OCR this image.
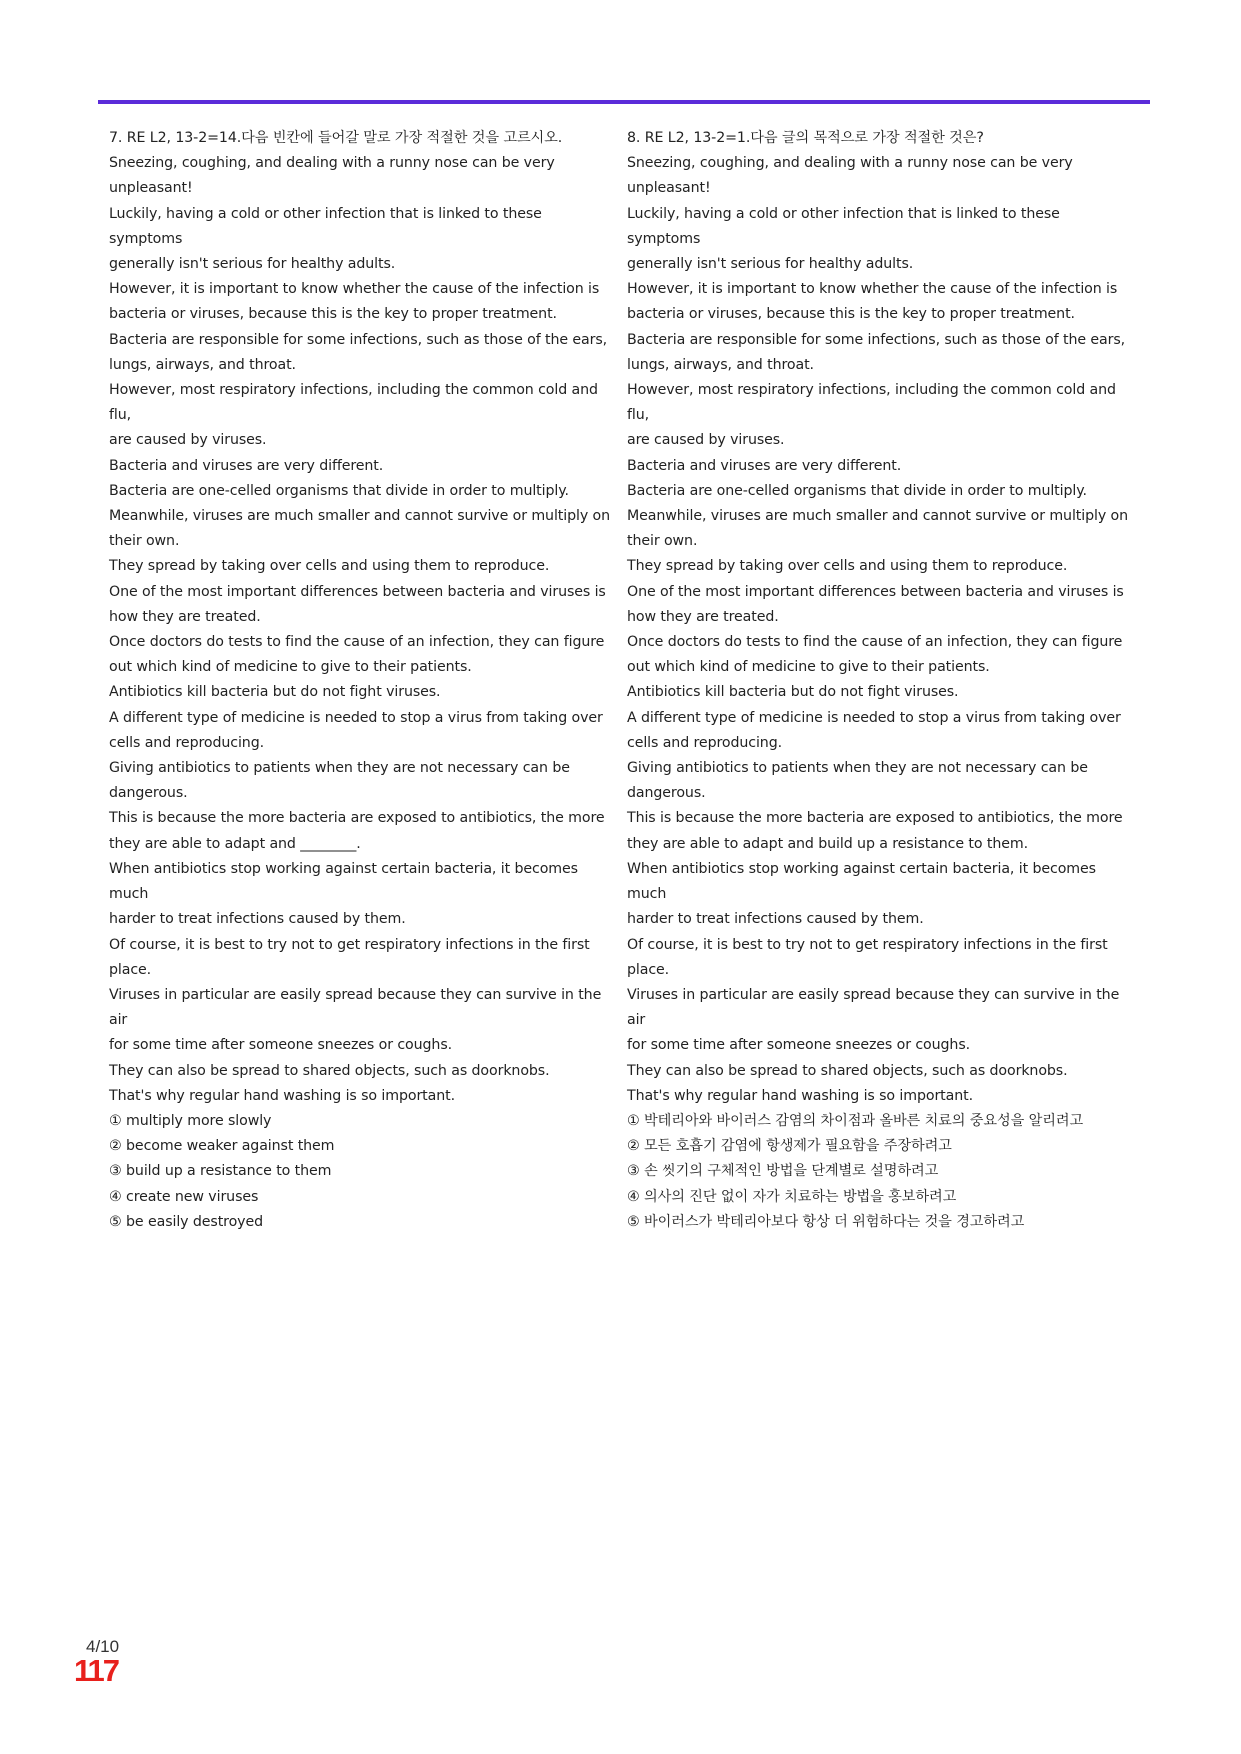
7. RE L2, 13-2=14.다음 빈칸에 들어갈 말로 가장 적절한 것을 고르시오.
Sneezing, coughing, and dealing with a runny nose can be very
unpleasant!
Luckily, having a cold or other infection that is linked to these symptoms
generally isn't serious for healthy adults.
However, it is important to know whether the cause of the infection is
bacteria or viruses, because this is the key to proper treatment.
Bacteria are responsible for some infections, such as those of the ears,
lungs, airways, and throat.
However, most respiratory infections, including the common cold and flu,
are caused by viruses.
Bacteria and viruses are very different.
Bacteria are one-celled organisms that divide in order to multiply.
Meanwhile, viruses are much smaller and cannot survive or multiply on
their own.
They spread by taking over cells and using them to reproduce.
One of the most important differences between bacteria and viruses is
how they are treated.
Once doctors do tests to find the cause of an infection, they can figure
out which kind of medicine to give to their patients.
Antibiotics kill bacteria but do not fight viruses.
A different type of medicine is needed to stop a virus from taking over
cells and reproducing.
Giving antibiotics to patients when they are not necessary can be
dangerous.
This is because the more bacteria are exposed to antibiotics, the more
they are able to adapt and ________.
When antibiotics stop working against certain bacteria, it becomes much
harder to treat infections caused by them.
Of course, it is best to try not to get respiratory infections in the first place.
Viruses in particular are easily spread because they can survive in the air
for some time after someone sneezes or coughs.
They can also be spread to shared objects, such as doorknobs.
That's why regular hand washing is so important.
① multiply more slowly
② become weaker against them
③ build up a resistance to them
④ create new viruses
⑤ be easily destroyed
8. RE L2, 13-2=1.다음 글의 목적으로 가장 적절한 것은?
Sneezing, coughing, and dealing with a runny nose can be very
unpleasant!
Luckily, having a cold or other infection that is linked to these symptoms
generally isn't serious for healthy adults.
However, it is important to know whether the cause of the infection is
bacteria or viruses, because this is the key to proper treatment.
Bacteria are responsible for some infections, such as those of the ears,
lungs, airways, and throat.
However, most respiratory infections, including the common cold and flu,
are caused by viruses.
Bacteria and viruses are very different.
Bacteria are one-celled organisms that divide in order to multiply.
Meanwhile, viruses are much smaller and cannot survive or multiply on
their own.
They spread by taking over cells and using them to reproduce.
One of the most important differences between bacteria and viruses is
how they are treated.
Once doctors do tests to find the cause of an infection, they can figure
out which kind of medicine to give to their patients.
Antibiotics kill bacteria but do not fight viruses.
A different type of medicine is needed to stop a virus from taking over
cells and reproducing.
Giving antibiotics to patients when they are not necessary can be
dangerous.
This is because the more bacteria are exposed to antibiotics, the more
they are able to adapt and build up a resistance to them.
When antibiotics stop working against certain bacteria, it becomes much
harder to treat infections caused by them.
Of course, it is best to try not to get respiratory infections in the first place.
Viruses in particular are easily spread because they can survive in the air
for some time after someone sneezes or coughs.
They can also be spread to shared objects, such as doorknobs.
That's why regular hand washing is so important.
① 박테리아와 바이러스 감염의 차이점과 올바른 치료의 중요성을 알리려고
② 모든 호흡기 감염에 항생제가 필요함을 주장하려고
③ 손 씻기의 구체적인 방법을 단계별로 설명하려고
④ 의사의 진단 없이 자가 치료하는 방법을 홍보하려고
⑤ 바이러스가 박테리아보다 항상 더 위험하다는 것을 경고하려고
4/10
117
